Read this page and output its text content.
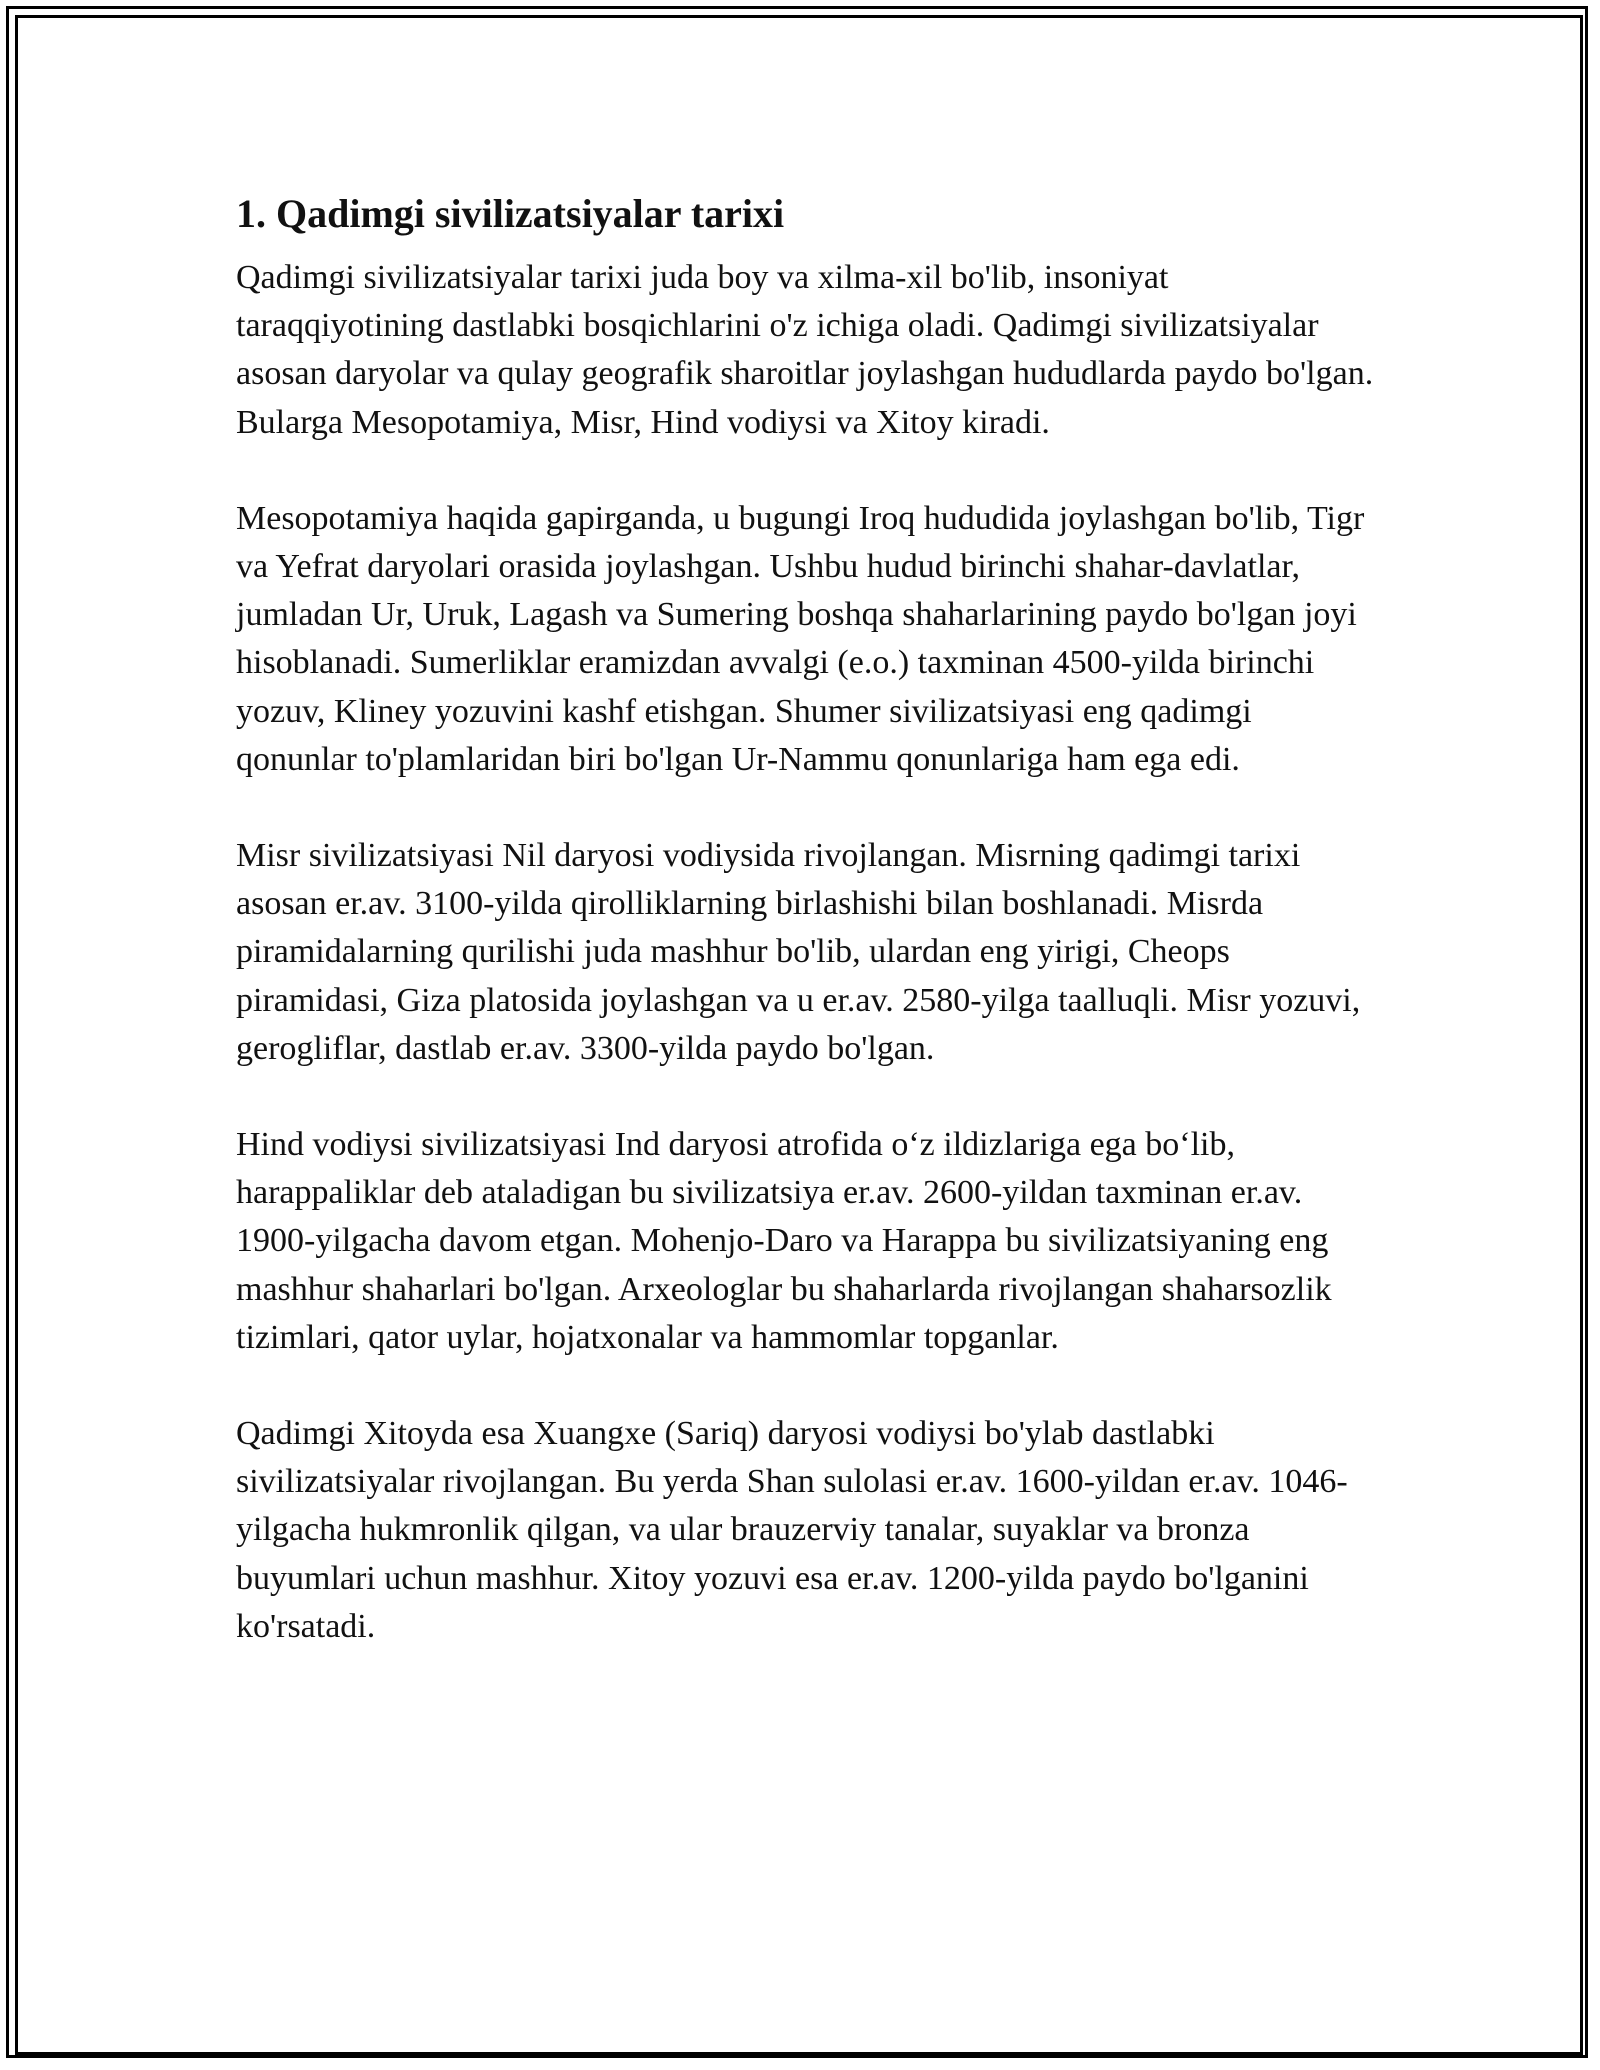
1. Qadimgi sivilizatsiyalar tarixi

Qadimgi sivilizatsiyalar tarixi juda boy va xilma-xil bo'lib, insoniyat taraqqiyotining dastlabki bosqichlarini o'z ichiga oladi. Qadimgi sivilizatsiyalar asosan daryolar va qulay geografik sharoitlar joylashgan hududlarda paydo bo'lgan. Bularga Mesopotamiya, Misr, Hind vodiysi va Xitoy kiradi.

Mesopotamiya haqida gapirganda, u bugungi Iroq hududida joylashgan bo'lib, Tigr va Yefrat daryolari orasida joylashgan. Ushbu hudud birinchi shahar-davlatlar, jumladan Ur, Uruk, Lagash va Sumering boshqa shaharlarining paydo bo'lgan joyi hisoblanadi. Sumerliklar eramizdan avvalgi (e.o.) taxminan 4500-yilda birinchi yozuv, Kliney yozuvini kashf etishgan. Shumer sivilizatsiyasi eng qadimgi qonunlar to'plamlaridan biri bo'lgan Ur-Nammu qonunlariga ham ega edi.

Misr sivilizatsiyasi Nil daryosi vodiysida rivojlangan. Misrning qadimgi tarixi asosan er.av. 3100-yilda qirolliklarning birlashishi bilan boshlanadi. Misrda piramidalarning qurilishi juda mashhur bo'lib, ulardan eng yirigi, Cheops piramidasi, Giza platosida joylashgan va u er.av. 2580-yilga taalluqli. Misr yozuvi, gerogliflar, dastlab er.av. 3300-yilda paydo bo'lgan.

Hind vodiysi sivilizatsiyasi Ind daryosi atrofida o‘z ildizlariga ega bo‘lib, harappaliklar deb ataladigan bu sivilizatsiya er.av. 2600-yildan taxminan er.av. 1900-yilgacha davom etgan. Mohenjo-Daro va Harappa bu sivilizatsiyaning eng mashhur shaharlari bo'lgan. Arxeologlar bu shaharlarda rivojlangan shaharsozlik tizimlari, qator uylar, hojatxonalar va hammomlar topganlar.

Qadimgi Xitoyda esa Xuangxe (Sariq) daryosi vodiysi bo'ylab dastlabki sivilizatsiyalar rivojlangan. Bu yerda Shan sulolasi er.av. 1600-yildan er.av. 1046-yilgacha hukmronlik qilgan, va ular brauzerviy tanalar, suyaklar va bronza buyumlari uchun mashhur. Xitoy yozuvi esa er.av. 1200-yilda paydo bo'lganini ko'rsatadi.
